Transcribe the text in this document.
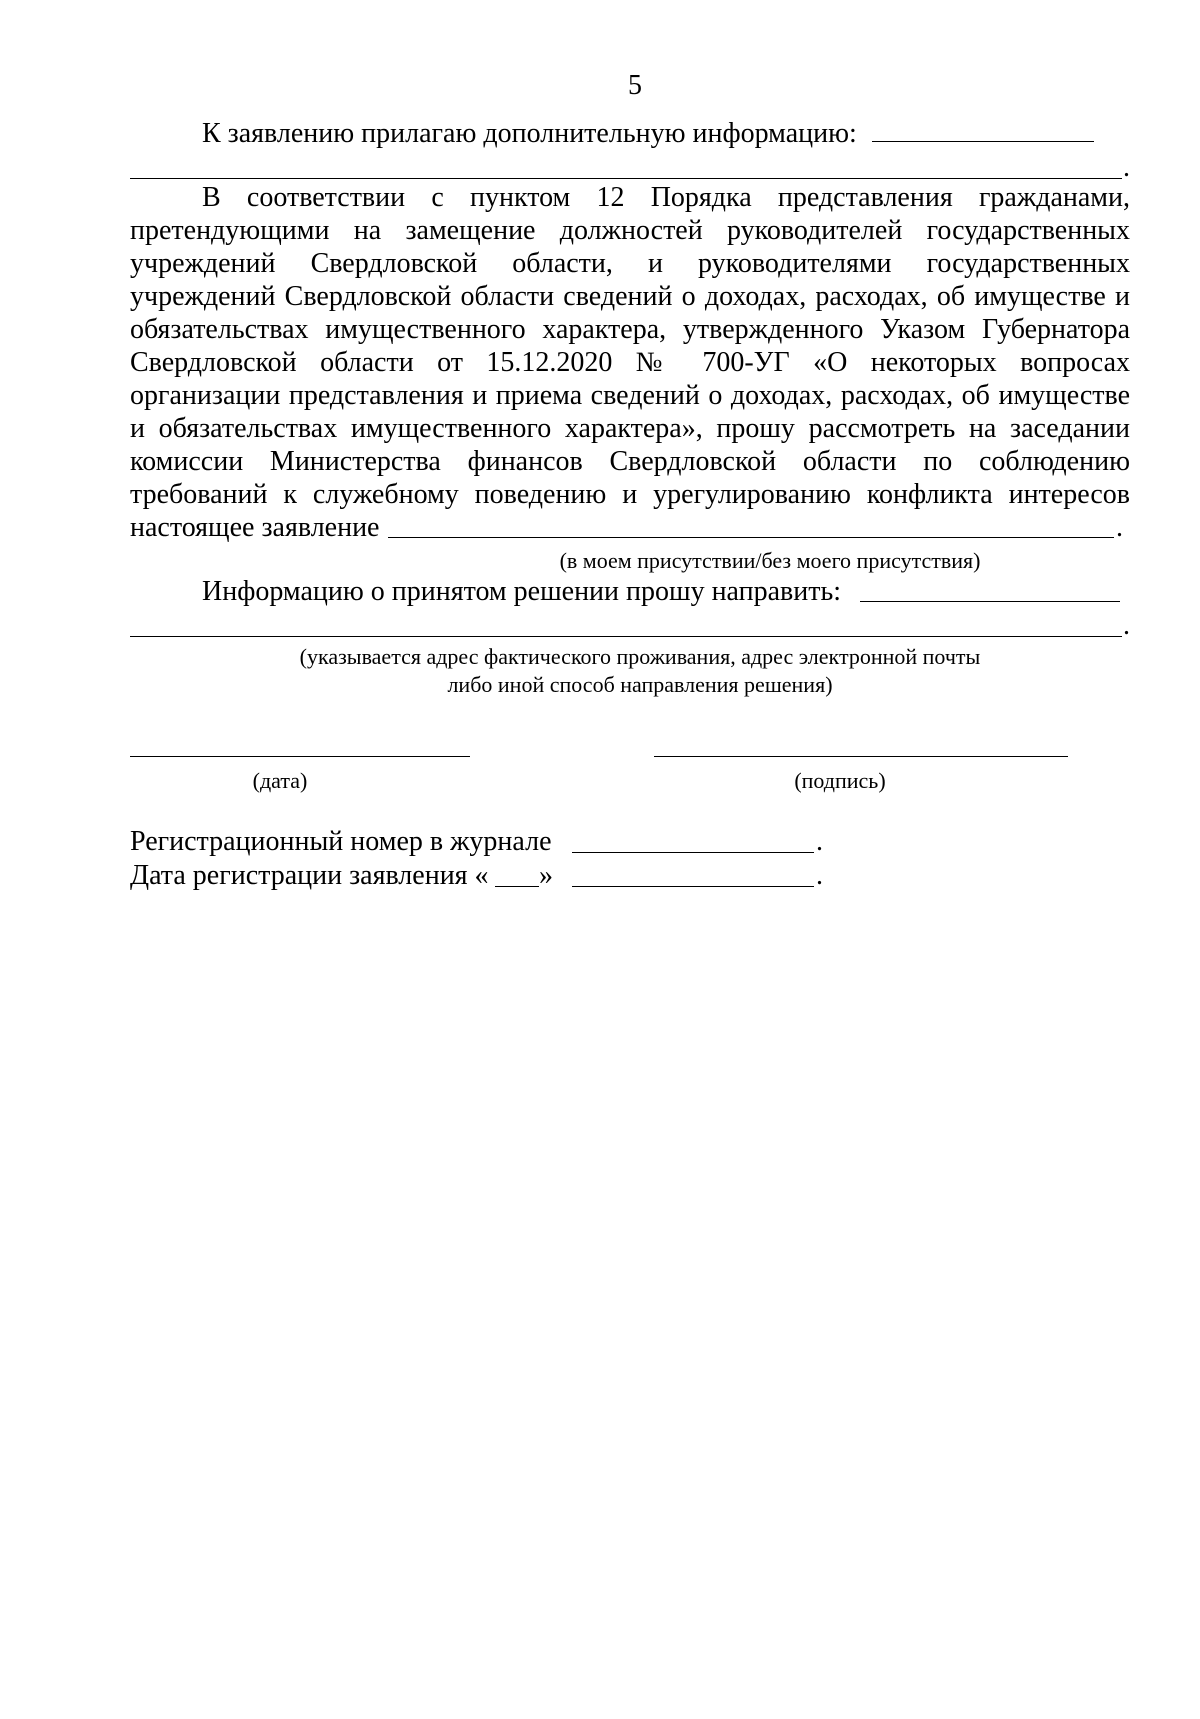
5
К заявлению прилагаю дополнительную информацию:
.
В соответствии с пунктом 12 Порядка представления гражданами,
претендующими на замещение должностей руководителей государственных
учреждений Свердловской области, и руководителями государственных
учреждений Свердловской области сведений о доходах, расходах, об имуществе и
обязательствах имущественного характера, утвержденного Указом Губернатора
Свердловской области от 15.12.2020 № 700-УГ «О некоторых вопросах
организации представления и приема сведений о доходах, расходах, об имуществе
и обязательствах имущественного характера», прошу рассмотреть на заседании
комиссии Министерства финансов Свердловской области по соблюдению
требований к служебному поведению и урегулированию конфликта интересов
настоящее заявление	.
(в моем присутствии/без моего присутствия)
Информацию о принятом решении прошу направить:
.
(указывается адрес фактического проживания, адрес электронной почты
либо иной способ направления решения)
(дата)	(подпись)
Регистрационный номер в журнале	.
Дата регистрации заявления «	»	.
